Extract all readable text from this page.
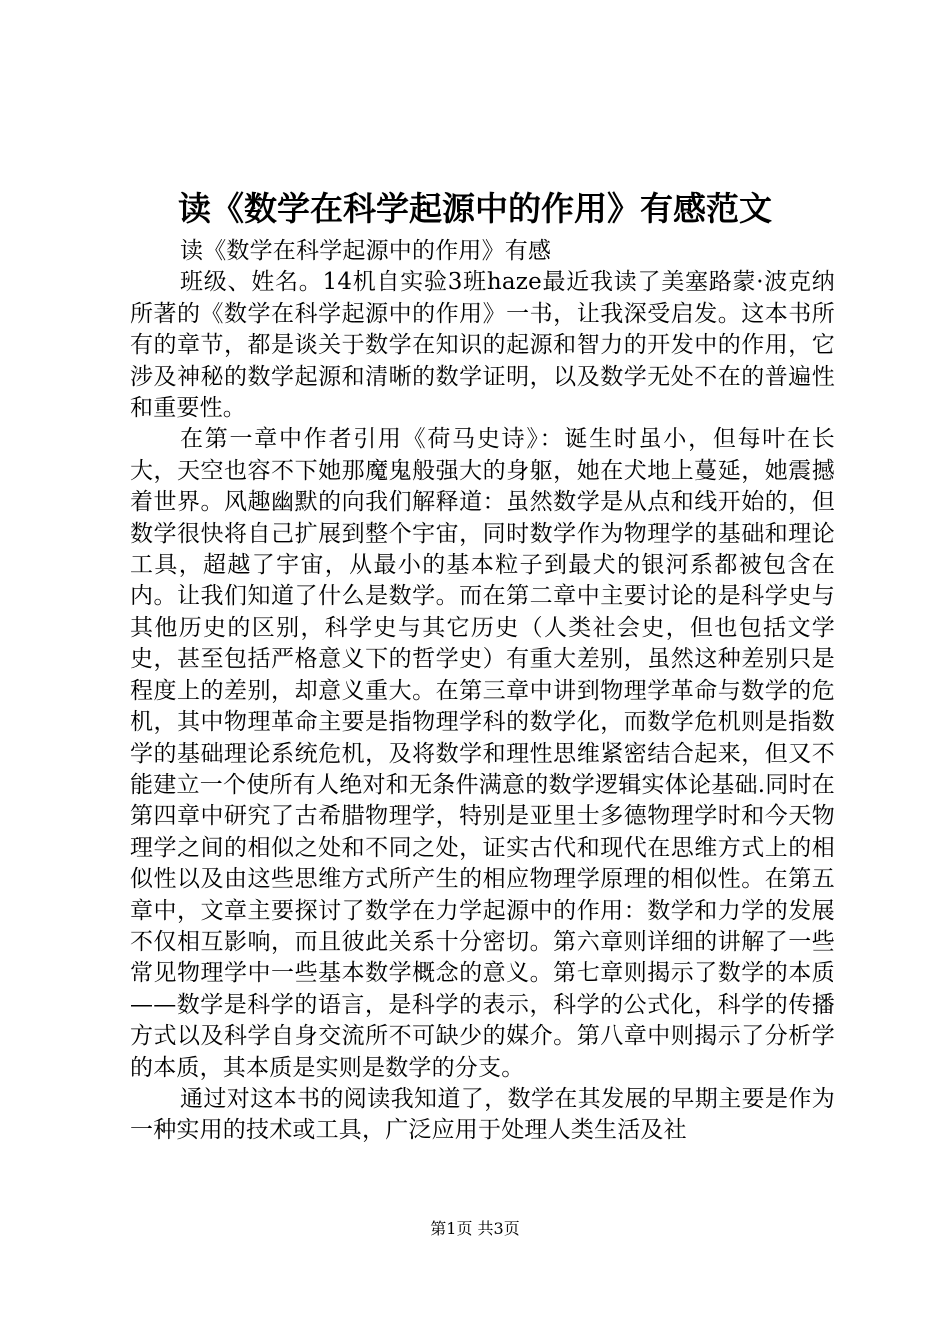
读《数学在科学起源中的作用》有感范文

读《数学在科学起源中的作用》有感

班级、姓名。14机自实验3班haze最近我读了美塞路蒙·波克纳所著的《数学在科学起源中的作用》一书，让我深受启发。这本书所有的章节，都是谈关于数学在知识的起源和智力的开发中的作用，它涉及神秘的数学起源和清晰的数学证明，以及数学无处不在的普遍性和重要性。

在第一章中作者引用《荷马史诗》：诞生时虽小，但每叶在长大，天空也容不下她那魔鬼般强大的身躯，她在犬地上蔓延，她震撼着世界。风趣幽默的向我们解释道：虽然数学是从点和线开始的，但数学很快将自己扩展到整个宇宙，同时数学作为物理学的基础和理论工具，超越了宇宙，从最小的基本粒子到最犬的银河系都被包含在内。让我们知道了什么是数学。而在第二章中主要讨论的是科学史与其他历史的区别，科学史与其它历史（人类社会史，但也包括文学史，甚至包括严格意义下的哲学史）有重大差别，虽然这种差别只是程度上的差别，却意义重大。在第三章中讲到物理学革命与数学的危机，其中物理革命主要是指物理学科的数学化，而数学危机则是指数学的基础理论系统危机，及将数学和理性思维紧密结合起来，但又不能建立一个使所有人绝对和无条件满意的数学逻辑实体论基础.同时在第四章中研究了古希腊物理学，特别是亚里士多德物理学时和今天物理学之间的相似之处和不同之处，证实古代和现代在思维方式上的相似性以及由这些思维方式所产生的相应物理学原理的相似性。在第五章中，文章主要探讨了数学在力学起源中的作用：数学和力学的发展不仅相互影响，而且彼此关系十分密切。第六章则详细的讲解了一些常见物理学中一些基本数学概念的意义。第七章则揭示了数学的本质——数学是科学的语言，是科学的表示，科学的公式化，科学的传播方式以及科学自身交流所不可缺少的媒介。第八章中则揭示了分析学的本质，其本质是实则是数学的分支。

通过对这本书的阅读我知道了，数学在其发展的早期主要是作为一种实用的技术或工具，广泛应用于处理人类生活及社

第1页 共3页
